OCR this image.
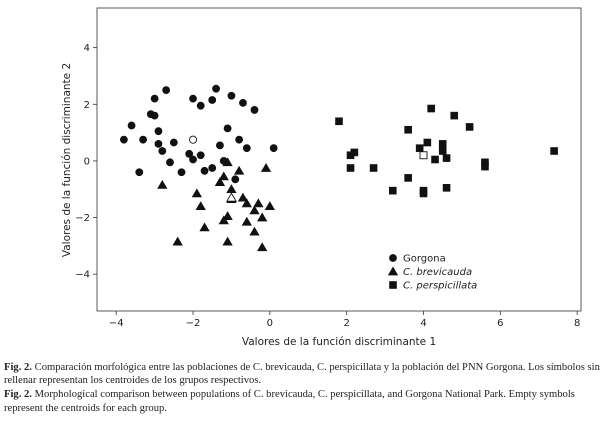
−4	−2	0	2	4	6	8
−4
−2
0
2
4
Gorgona
C. brevicauda
C. perspicillata
Valores de la función discriminante 1
Valores de la función discriminante 2

Fig. 2. Comparación morfológica entre las poblaciones de C. brevicauda, C. perspicillata y la población del PNN Gorgona. Los símbolos sin rellenar representan los centroides de los grupos respectivos.

Fig. 2. Morphological comparison between populations of C. brevicauda, C. perspicillata, and Gorgona National Park. Empty symbols represent the centroids for each group.
